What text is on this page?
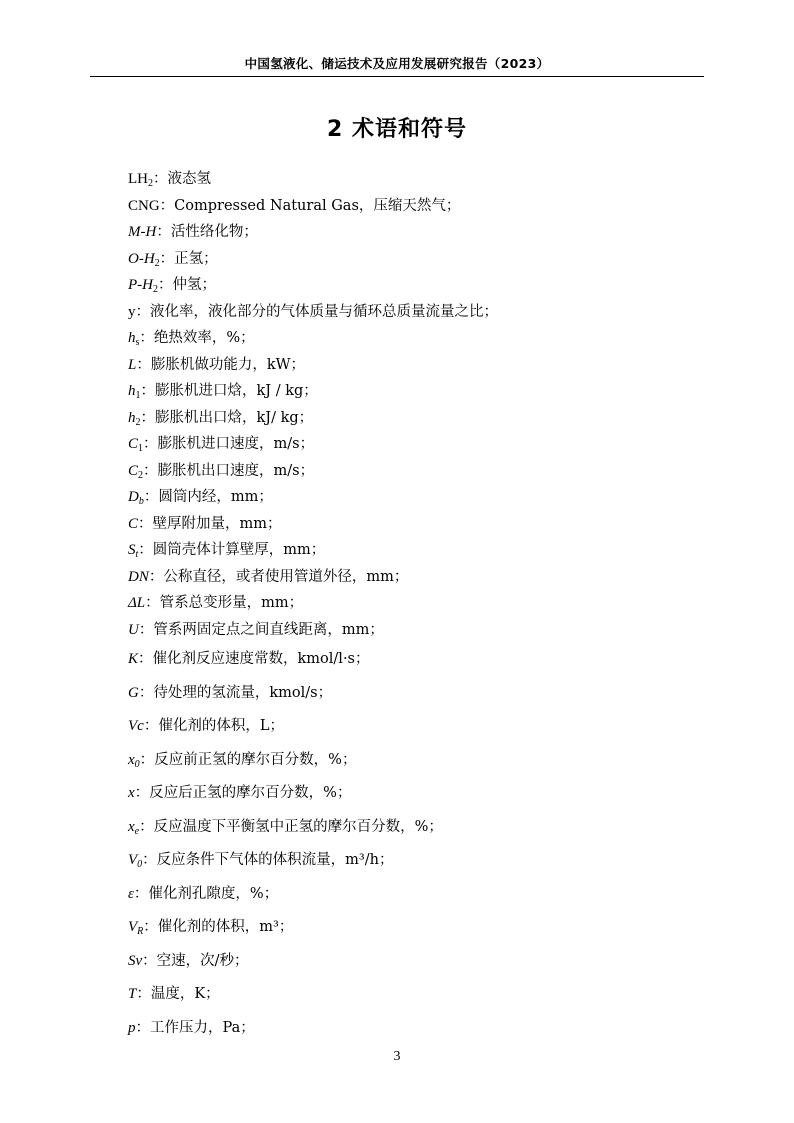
中国氢液化、储运技术及应用发展研究报告（2023）
2 术语和符号
$LH_2$：液态氢
CNG：Compressed Natural Gas，压缩天然气；
M-H：活性络化物；
$O-H_2$：正氢；
$P-H_2$：仲氢；
y：液化率，液化部分的气体质量与循环总质量流量之比；
$h_s$：绝热效率，%；
L：膨胀机做功能力，kW；
$h_1$：膨胀机进口焓，kJ / kg；
$h_2$：膨胀机出口焓，kJ/ kg；
$C_1$：膨胀机进口速度，m/s；
$C_2$：膨胀机出口速度，m/s；
$D_b$：圆筒内经，mm；
C：壁厚附加量，mm；
$S_t$：圆筒壳体计算壁厚，mm；
DN：公称直径，或者使用管道外径，mm；
ΔL：管系总变形量，mm；
U：管系两固定点之间直线距离，mm；
K：催化剂反应速度常数，kmol/l·s；
G：待处理的氢流量，kmol/s；
Vc：催化剂的体积，L；
$x_0$：反应前正氢的摩尔百分数，%；
x：反应后正氢的摩尔百分数，%；
$x_e$：反应温度下平衡氢中正氢的摩尔百分数，%；
$V_0$：反应条件下气体的体积流量，m³/h；
ε：催化剂孔隙度，%；
$V_R$：催化剂的体积，m³；
Sv：空速，次/秒；
T：温度，K；
p：工作压力，Pa；
3
